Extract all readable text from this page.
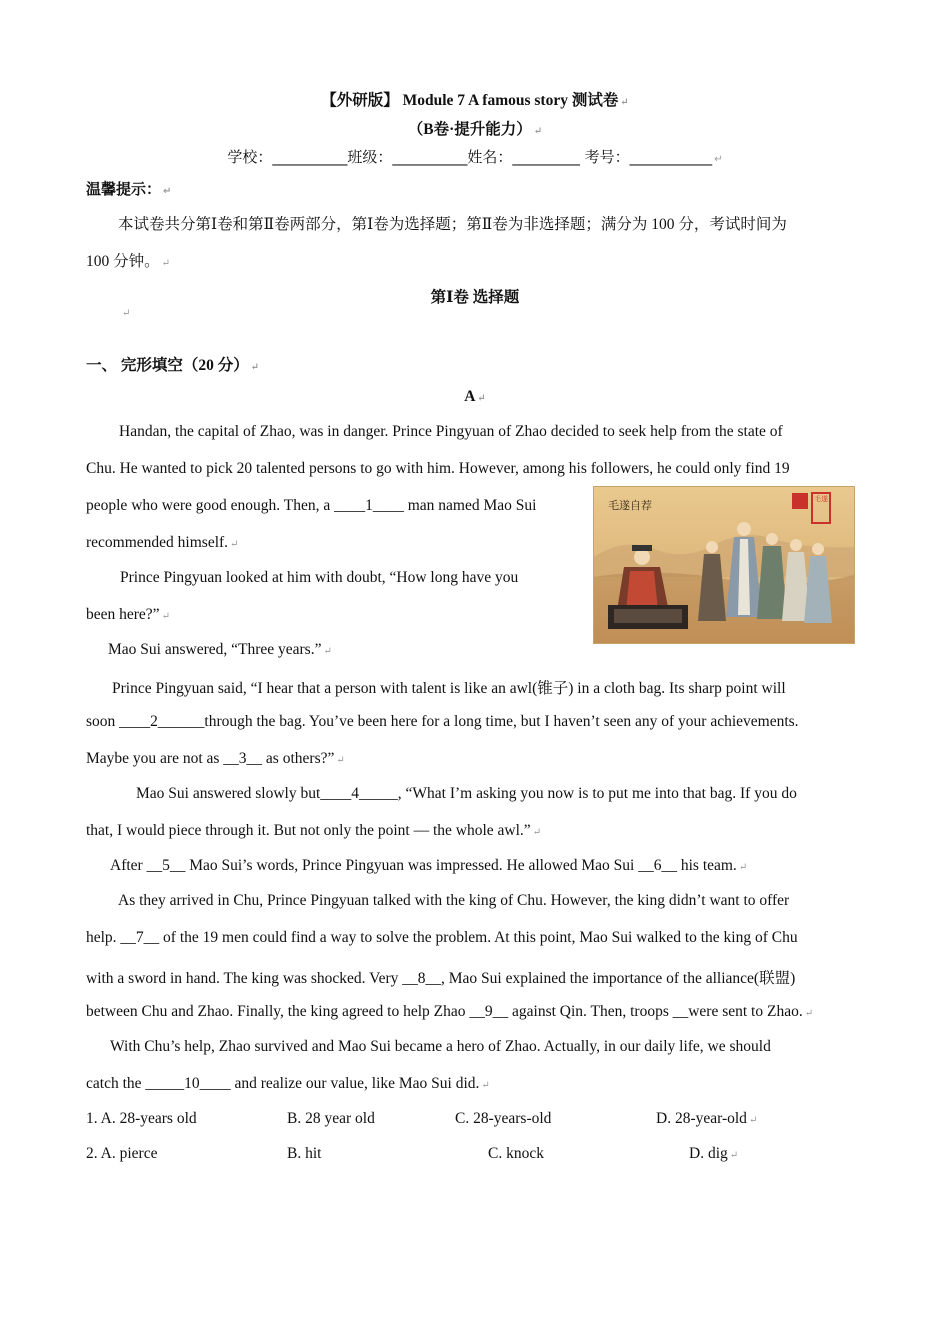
【外研版】 Module 7 A famous story 测试卷 ↵
（B卷·提升能力） ↵
学校：__________班级：__________姓名：_________ 考号：___________ ↵
温馨提示： ↵
本试卷共分第Ⅰ卷和第Ⅱ卷两部分，第Ⅰ卷为选择题；第Ⅱ卷为非选择题；满分为 100 分，考试时间为
100 分钟。 ↵
第Ⅰ卷 选择题
↵
一、 完形填空（20 分） ↵
A ↵
Handan, the capital of Zhao, was in danger. Prince Pingyuan of Zhao decided to seek help from the state of
Chu. He wanted to pick 20 talented persons to go with him. However, among his followers, he could only find 19
people who were good enough. Then, a ____1____ man named Mao Sui
recommended himself. ↵
Prince Pingyuan looked at him with doubt, “How long have you
been here?” ↵
Mao Sui answered, “Three years.” ↵
毛遂自荐	毛遂
Prince Pingyuan said, “I hear that a person with talent is like an awl(锥子) in a cloth bag. Its sharp point will
soon ____2______through the bag. You’ve been here for a long time, but I haven’t seen any of your achievements.
Maybe you are not as __3__ as others?” ↵
Mao Sui answered slowly but____4_____, “What I’m asking you now is to put me into that bag. If you do
that, I would piece through it. But not only the point — the whole awl.” ↵
After __5__ Mao Sui’s words, Prince Pingyuan was impressed. He allowed Mao Sui __6__ his team. ↵
As they arrived in Chu, Prince Pingyuan talked with the king of Chu. However, the king didn’t want to offer
help. __7__ of the 19 men could find a way to solve the problem. At this point, Mao Sui walked to the king of Chu
with a sword in hand. The king was shocked. Very __8__, Mao Sui explained the importance of the alliance(联盟)
between Chu and Zhao. Finally, the king agreed to help Zhao __9__ against Qin. Then, troops __were sent to Zhao. ↵
With Chu’s help, Zhao survived and Mao Sui became a hero of Zhao. Actually, in our daily life, we should
catch the _____10____ and realize our value, like Mao Sui did. ↵
1. A. 28-years old	B. 28 year old	C. 28-years-old	D. 28-year-old ↵
2. A. pierce	B. hit	C. knock	D. dig ↵
